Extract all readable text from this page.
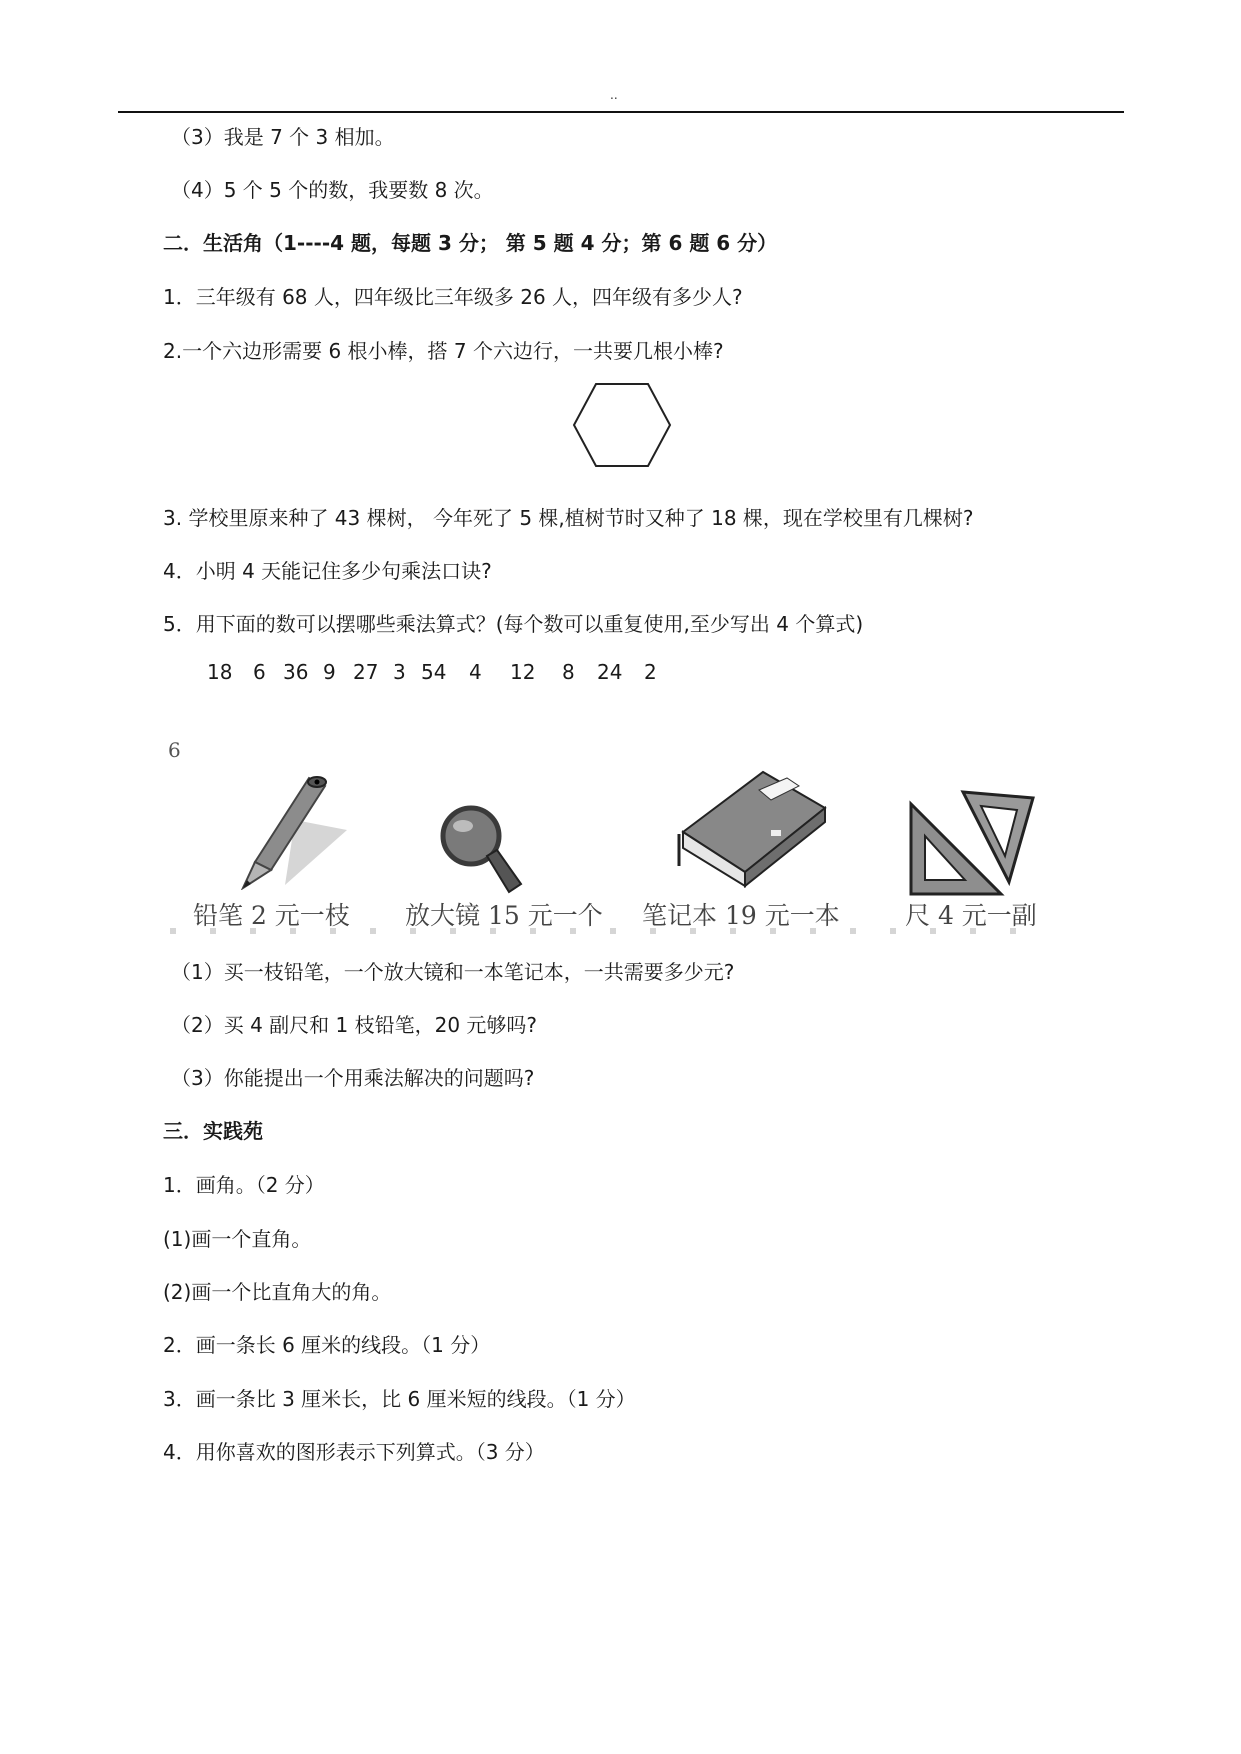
..
（3）我是 7 个 3 相加。
（4）5 个 5 个的数，我要数 8 次。
二．生活角（1----4 题，每题 3 分； 第 5 题 4 分；第 6 题 6 分）
1．三年级有 68 人，四年级比三年级多 26 人，四年级有多少人?
2.一个六边形需要 6 根小棒，搭 7 个六边行，一共要几根小棒?
3. 学校里原来种了 43 棵树， 今年死了 5 棵,植树节时又种了 18 棵，现在学校里有几棵树?
4．小明 4 天能记住多少句乘法口诀?
5．用下面的数可以摆哪些乘法算式？(每个数可以重复使用,至少写出 4 个算式)
18 6 36 9 27 3 54 4 12 8 24 2
6
铅笔 2 元一枝 放大镜 15 元一个 笔记本 19 元一本	尺 4 元一副
（1）买一枝铅笔，一个放大镜和一本笔记本，一共需要多少元?
（2）买 4 副尺和 1 枝铅笔，20 元够吗?
（3）你能提出一个用乘法解决的问题吗?
三．实践苑
1．画角。（2 分）
(1)画一个直角。
(2)画一个比直角大的角。
2．画一条长 6 厘米的线段。（1 分）
3．画一条比 3 厘米长，比 6 厘米短的线段。（1 分）
4．用你喜欢的图形表示下列算式。（3 分）
